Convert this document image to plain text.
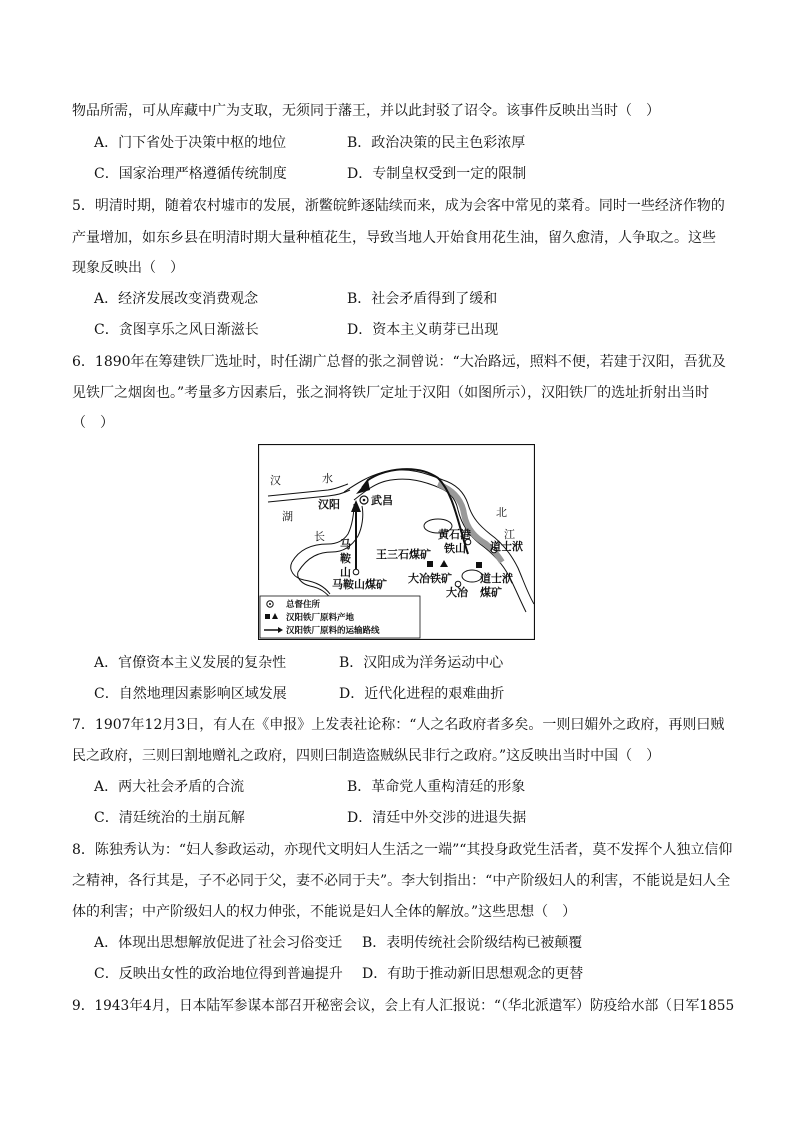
物品所需，可从库藏中广为支取，无须同于藩王，并以此封驳了诏令。该事件反映出当时（　）
A．门下省处于决策中枢的地位	B．政治决策的民主色彩浓厚
C．国家治理严格遵循传统制度	D．专制皇权受到一定的限制
5．明清时期，随着农村墟市的发展，浙鳖皖鲊逐陆续而来，成为会客中常见的菜肴。同时一些经济作物的
产量增加，如东乡县在明清时期大量种植花生，导致当地人开始食用花生油，留久愈清，人争取之。这些
现象反映出（　）
A．经济发展改变消费观念	B．社会矛盾得到了缓和
C．贪图享乐之风日渐滋长	D．资本主义萌芽已出现
6．1890年在筹建铁厂选址时，时任湖广总督的张之洞曾说：“大冶路远，照料不便，若建于汉阳，吾犹及
见铁厂之烟囱也。”考量多方因素后，张之洞将铁厂定址于汉阳（如图所示），汉阳铁厂的选址折射出当时
（　）
汉	水
湖
汉阳	武昌
长	江
马
鞍
山
北
黄石港
铁山 道士洑
王三石煤矿
大冶铁矿
大冶
道士洑
煤矿
马鞍山煤矿
总督住所
汉阳铁厂原料产地
汉阳铁厂原料的运输路线
A．官僚资本主义发展的复杂性	B．汉阳成为洋务运动中心
C．自然地理因素影响区域发展	D．近代化进程的艰难曲折
7．1907年12月3日，有人在《申报》上发表社论称：“人之名政府者多矣。一则曰媚外之政府，再则曰贼
民之政府，三则曰割地赠礼之政府，四则曰制造盗贼纵民非行之政府。”这反映出当时中国（　）
A．两大社会矛盾的合流	B．革命党人重构清廷的形象
C．清廷统治的土崩瓦解	D．清廷中外交涉的进退失据
8．陈独秀认为：“妇人参政运动，亦现代文明妇人生活之一端”“其投身政党生活者，莫不发挥个人独立信仰
之精神，各行其是，子不必同于父，妻不必同于夫”。李大钊指出：“中产阶级妇人的利害，不能说是妇人全
体的利害；中产阶级妇人的权力伸张，不能说是妇人全体的解放。”这些思想（　）
A．体现出思想解放促进了社会习俗变迁 B．表明传统社会阶级结构已被颠覆
C．反映出女性的政治地位得到普遍提升 D．有助于推动新旧思想观念的更替
9．1943年4月，日本陆军参谋本部召开秘密会议，会上有人汇报说：“（华北派遣军）防疫给水部（日军1855
